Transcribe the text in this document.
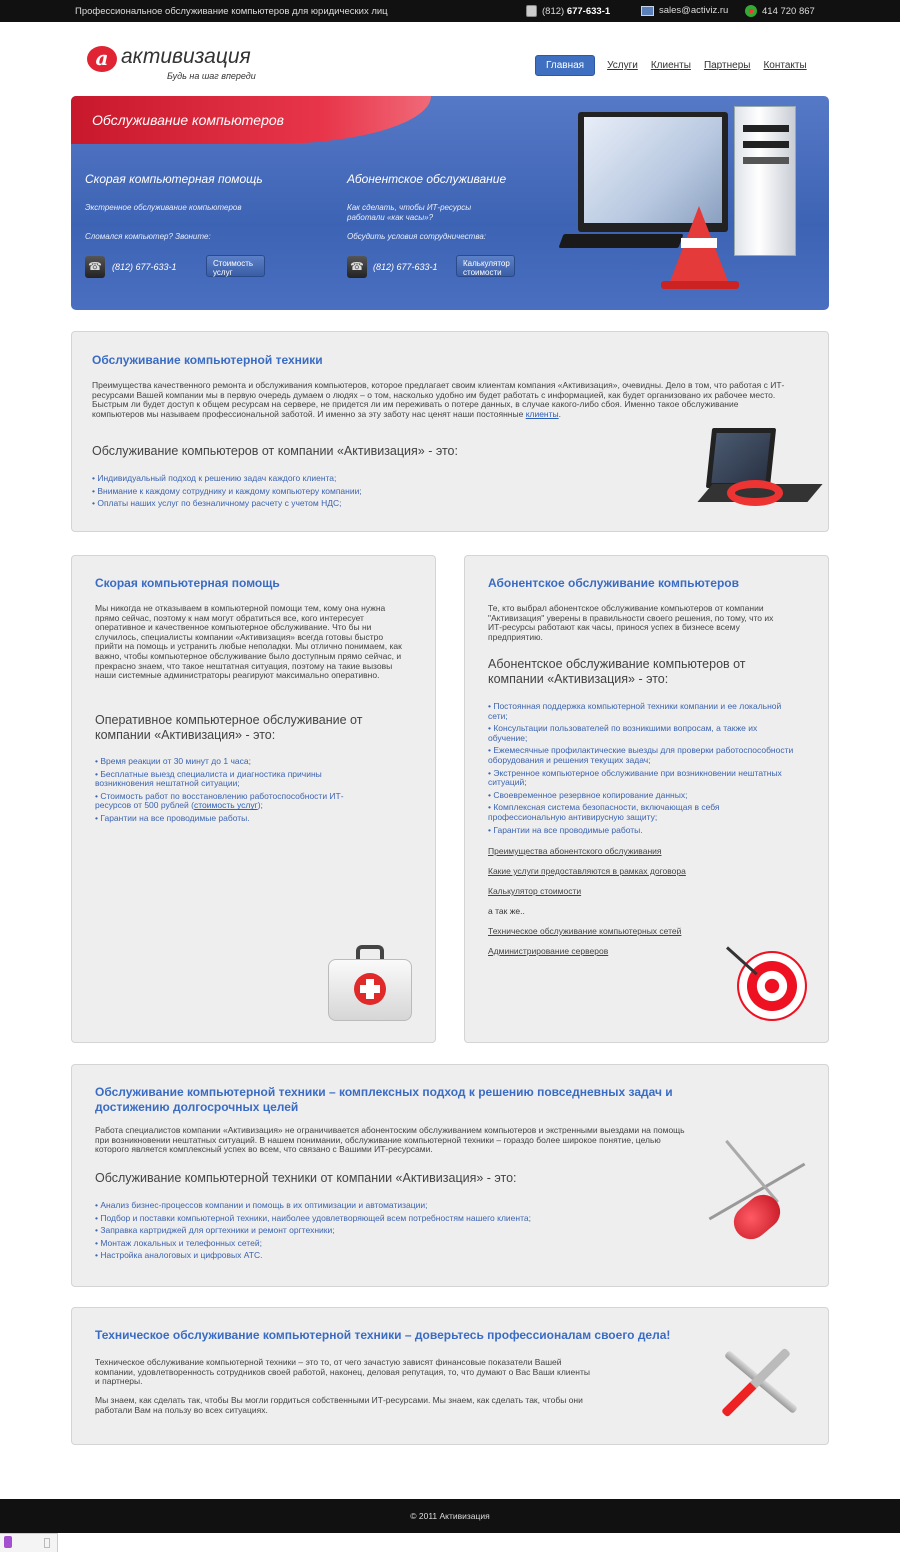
Профессиональное обслуживание компьютеров для юридических лиц	(812) 677-633-1	sales@activiz.ru	414 720 867
a активизация
Будь на шаг впереди
Главная	Услуги Клиенты Партнеры Контакты
Обслуживание компьютеров
Скорая компьютерная помощь
Экстренное обслуживание компьютеров
Сломался компьютер? Звоните:
☎	(812) 677-633-1	Стоимость услуг
Абонентское обслуживание
Как сделать, чтобы ИТ-ресурсы работали «как часы»?
Обсудить условия сотрудничества:
☎	(812) 677-633-1	Калькулятор стоимости
Обслуживание компьютерной техники
Преимущества качественного ремонта и обслуживания компьютеров, которое предлагает своим клиентам компания «Активизация», очевидны. Дело в том, что работая с ИТ-ресурсами Вашей компании мы в первую очередь думаем о людях – о том, насколько удобно им будет работать с информацией, как будет организовано их рабочее место. Быстрым ли будет доступ к общем ресурсам на сервере, не придется ли им переживать о потере данных, в случае какого-либо сбоя. Именно такое обслуживание компьютеров мы называем профессиональной заботой. И именно за эту заботу нас ценят наши постоянные клиенты.
Обслуживание компьютеров от компании «Активизация» - это:
• Индивидуальный подход к решению задач каждого клиента;
• Внимание к каждому сотруднику и каждому компьютеру компании;
• Оплаты наших услуг по безналичному расчету с учетом НДС;
Скорая компьютерная помощь
Мы никогда не отказываем в компьютерной помощи тем, кому она нужна прямо сейчас, поэтому к нам могут обратиться все, кого интересует оперативное и качественное компьютерное обслуживание. Что бы ни случилось, специалисты компании «Активизация» всегда готовы быстро прийти на помощь и устранить любые неполадки. Мы отлично понимаем, как важно, чтобы компьютерное обслуживание было доступным прямо сейчас, и прекрасно знаем, что такое нештатная ситуация, поэтому на такие вызовы наши системные администраторы реагируют максимально оперативно.
Оперативное компьютерное обслуживание от компании «Активизация» - это:
• Время реакции от 30 минут до 1 часа;
• Бесплатные выезд специалиста и диагностика причины возникновения нештатной ситуации;
• Стоимость работ по восстановлению работоспособности ИТ-ресурсов от 500 рублей (стоимость услуг);
• Гарантии на все проводимые работы.
Абонентское обслуживание компьютеров
Те, кто выбрал абонентское обслуживание компьютеров от компании "Активизация" уверены в правильности своего решения, по тому, что их ИТ-ресурсы работают как часы, принося успех в бизнесе всему предприятию.
Абонентское обслуживание компьютеров от компании «Активизация» - это:
• Постоянная поддержка компьютерной техники компании и ее локальной сети;
• Консультации пользователей по возникшими вопросам, а также их обучение;
• Ежемесячные профилактические выезды для проверки работоспособности оборудования и решения текущих задач;
• Экстренное компьютерное обслуживание при возникновении нештатных ситуаций;
• Своевременное резервное копирование данных;
• Комплексная система безопасности, включающая в себя профессиональную антивирусную защиту;
• Гарантии на все проводимые работы.
Преимущества абонентского обслуживания
Какие услуги предоставляются в рамках договора
Калькулятор стоимости
а так же..
Техническое обслуживание компьютерных сетей
Администрирование серверов
Обслуживание компьютерной техники – комплексных подход к решению повседневных задач и достижению долгосрочных целей
Работа специалистов компании «Активизация» не ограничивается абонентоским обслуживанием компьютеров и экстренными выездами на помощь при возникновении нештатных ситуаций. В нашем понимании, обслуживание компьютерной техники – гораздо более широкое понятие, целью которого является комплексный успех во всем, что связано с Вашими ИТ-ресурсами.
Обслуживание компьютерной техники от компании «Активизация» - это:
• Анализ бизнес-процессов компании и помощь в их оптимизации и автоматизации;
• Подбор и поставки компьютерной техники, наиболее удовлетворяющей всем потребностям нашего клиента;
• Заправка картриджей для оргтехники и ремонт оргтехники;
• Монтаж локальных и телефонных сетей;
• Настройка аналоговых и цифровых АТС.
Техническое обслуживание компьютерной техники – доверьтесь профессионалам своего дела!
Техническое обслуживание компьютерной техники – это то, от чего зачастую зависят финансовые показатели Вашей компании, удовлетворенность сотрудников своей работой, наконец, деловая репутация, то, что думают о Вас Ваши клиенты и партнеры.
Мы знаем, как сделать так, чтобы Вы могли гордиться собственными ИТ-ресурсами. Мы знаем, как сделать так, чтобы они работали Вам на пользу во всех ситуациях.
© 2011 Активизация
